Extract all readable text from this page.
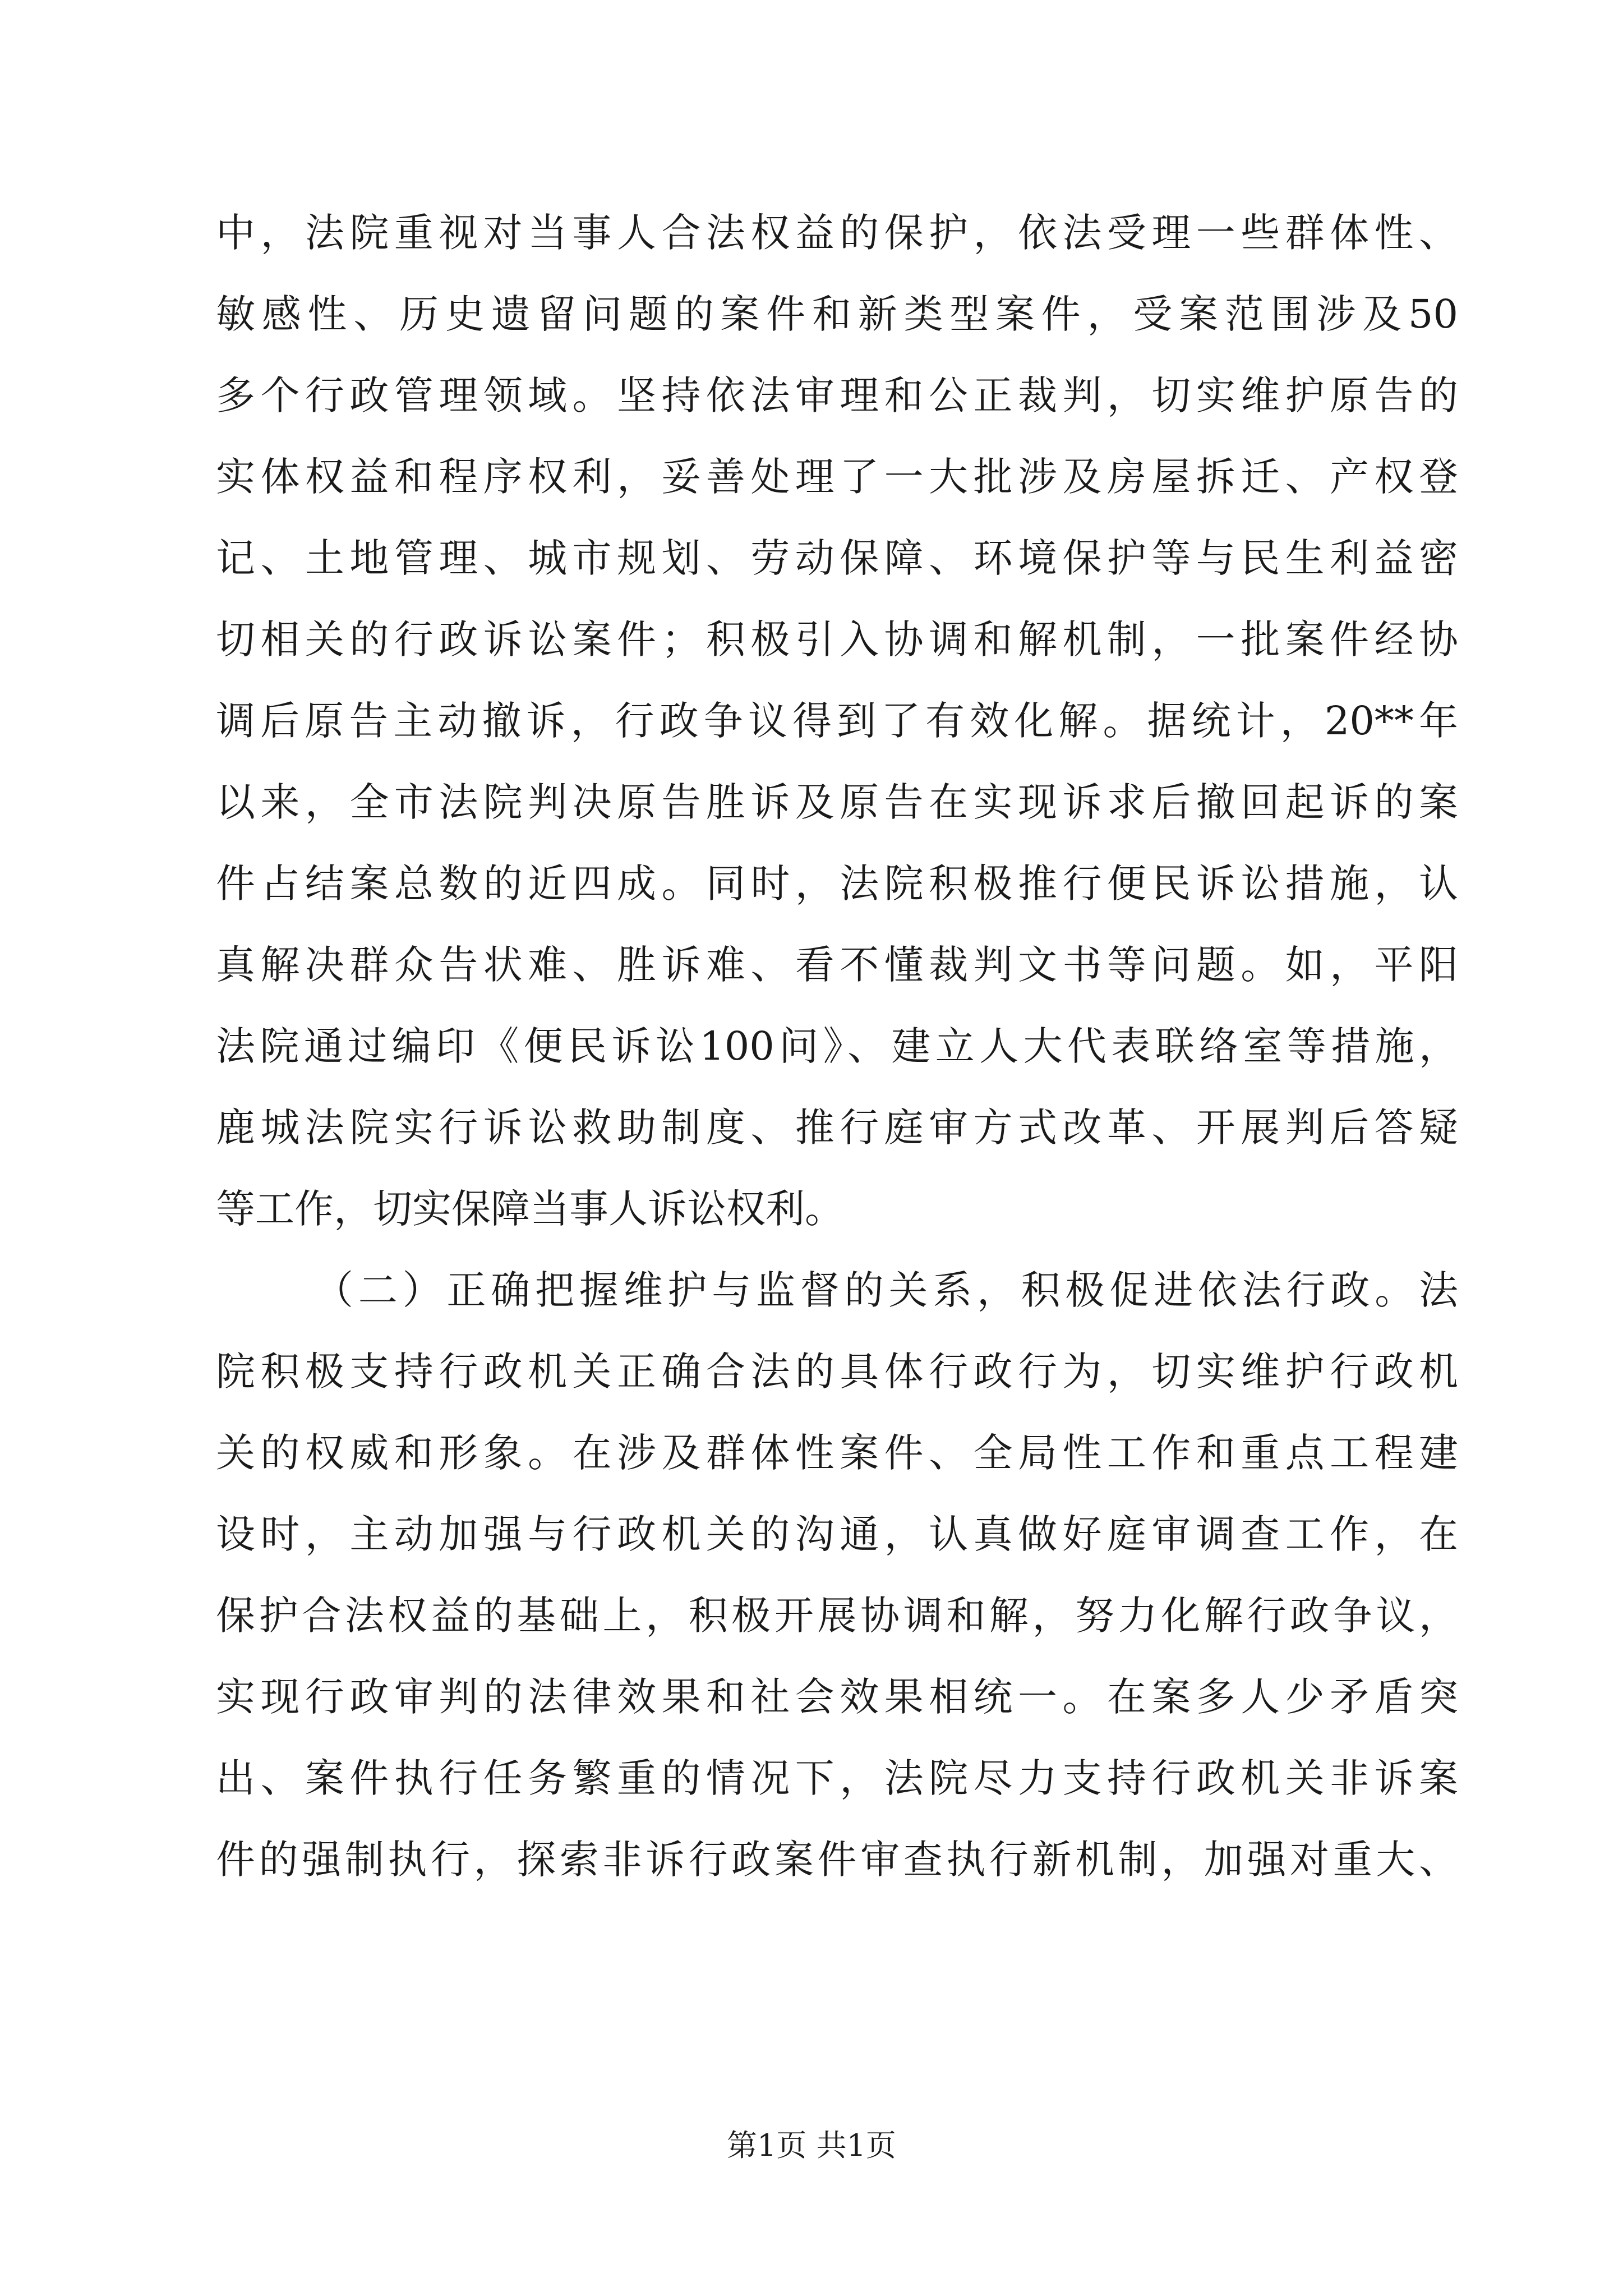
中，法院重视对当事人合法权益的保护，依法受理一些群体性、
敏感性、历史遗留问题的案件和新类型案件，受案范围涉及50
多个行政管理领域。坚持依法审理和公正裁判，切实维护原告的
实体权益和程序权利，妥善处理了一大批涉及房屋拆迁、产权登
记、土地管理、城市规划、劳动保障、环境保护等与民生利益密
切相关的行政诉讼案件；积极引入协调和解机制，一批案件经协
调后原告主动撤诉，行政争议得到了有效化解。据统计，20**年
以来，全市法院判决原告胜诉及原告在实现诉求后撤回起诉的案
件占结案总数的近四成。同时，法院积极推行便民诉讼措施，认
真解决群众告状难、胜诉难、看不懂裁判文书等问题。如，平阳
法院通过编印《便民诉讼100问》、建立人大代表联络室等措施，
鹿城法院实行诉讼救助制度、推行庭审方式改革、开展判后答疑
等工作，切实保障当事人诉讼权利。
（二）正确把握维护与监督的关系，积极促进依法行政。法
院积极支持行政机关正确合法的具体行政行为，切实维护行政机
关的权威和形象。在涉及群体性案件、全局性工作和重点工程建
设时，主动加强与行政机关的沟通，认真做好庭审调查工作，在
保护合法权益的基础上，积极开展协调和解，努力化解行政争议，
实现行政审判的法律效果和社会效果相统一。在案多人少矛盾突
出、案件执行任务繁重的情况下，法院尽力支持行政机关非诉案
件的强制执行，探索非诉行政案件审查执行新机制，加强对重大、
第1页 共1页
